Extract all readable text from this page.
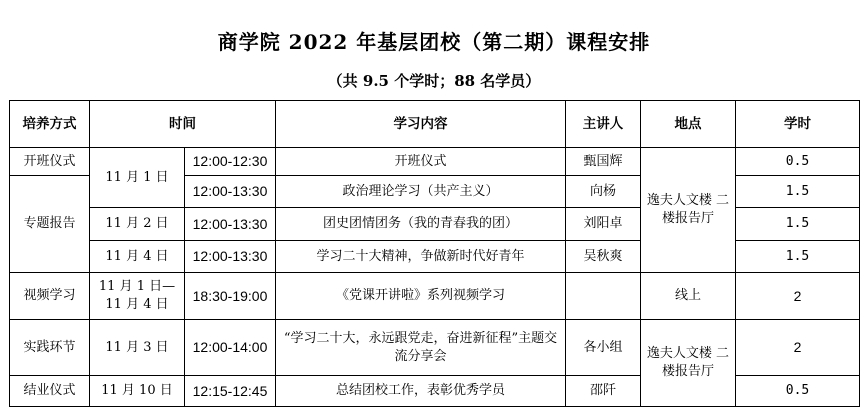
商学院 2022 年基层团校（第二期）课程安排
（共 9.5 个学时；88 名学员）
培养方式	时间		学习内容	主讲人	地点	学时
开班仪式	11 月 1 日	12:00-12:30	开班仪式	甄国辉	逸夫人文楼 二楼报告厅	0.5
专题报告		12:00-13:30	政治理论学习（共产主义）	向杨		1.5
	11 月 2 日	12:00-13:30	团史团情团务（我的青春我的团）	刘阳卓		1.5
	11 月 4 日	12:00-13:30	学习二十大精神，争做新时代好青年	吴秋爽		1.5
视频学习	11 月 1 日— 11 月 4 日	18:30-19:00	《党课开讲啦》系列视频学习		线上	2
实践环节	11 月 3 日	12:00-14:00	“学习二十大，永远跟党走，奋进新征程”主题交流分享会	各小组	逸夫人文楼 二楼报告厅	2
结业仪式	11 月 10 日	12:15-12:45	总结团校工作，表彰优秀学员	邵阡		0.5
